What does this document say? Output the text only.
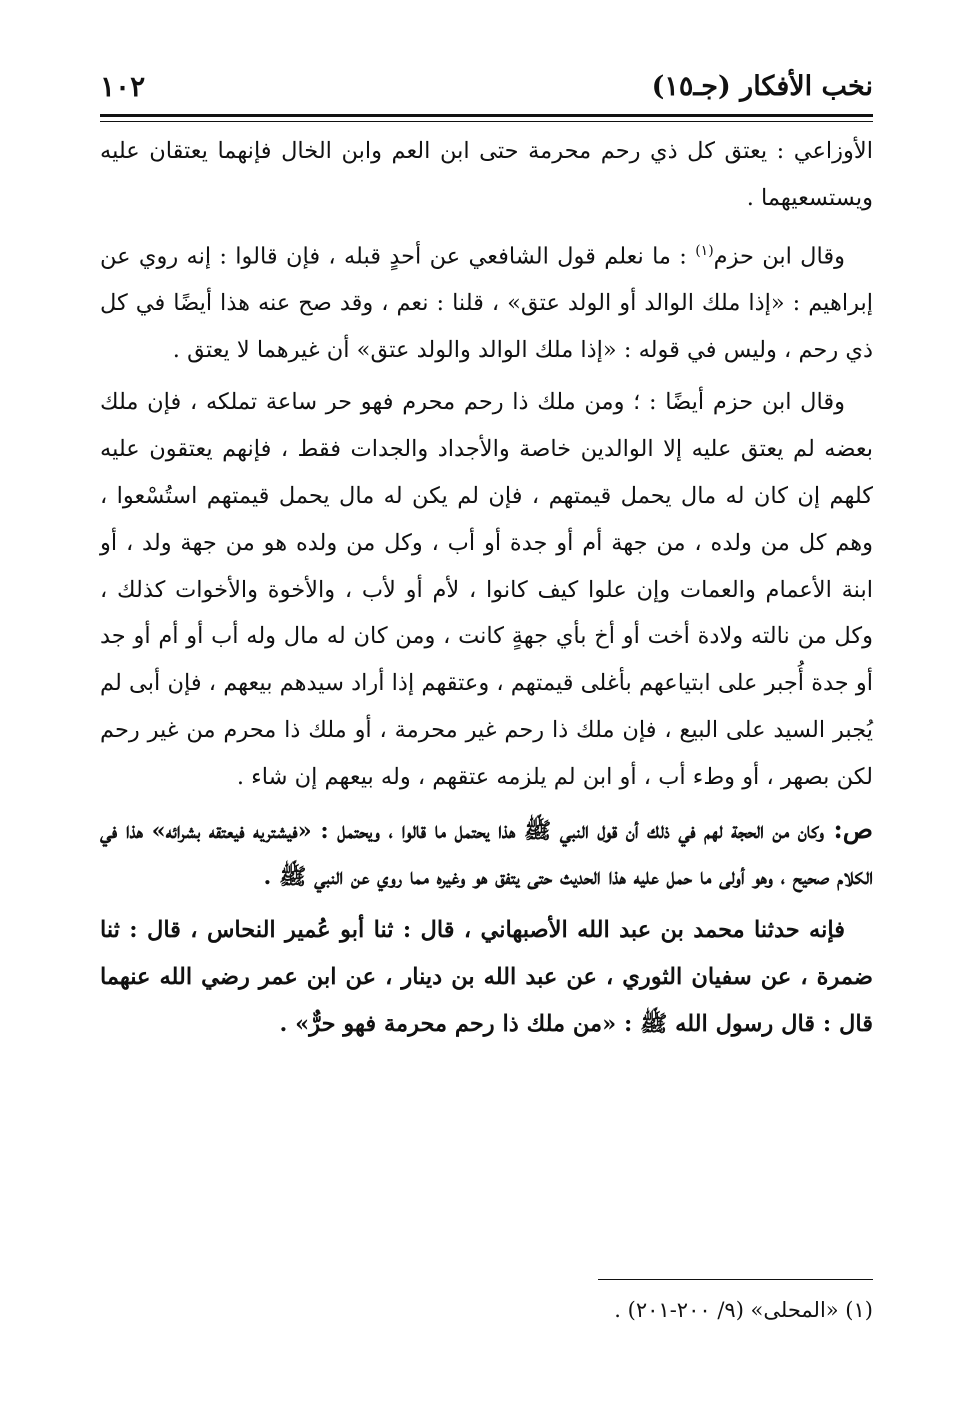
نخب الأفكار (جـ١٥)
١٠٢

الأوزاعي : يعتق كل ذي رحم محرمة حتى ابن العم وابن الخال فإنهما يعتقان عليه ويستسعيهما .

وقال ابن حزم$^{(١)}$ : ما نعلم قول الشافعي عن أحدٍ قبله ، فإن قالوا : إنه روي عن إبراهيم : «إذا ملك الوالد أو الولد عتق» ، قلنا : نعم ، وقد صح عنه هذا أيضًا في كل ذي رحم ، وليس في قوله : «إذا ملك الوالد والولد عتق» أن غيرهما لا يعتق .

وقال ابن حزم أيضًا : ؛ ومن ملك ذا رحم محرم فهو حر ساعة تملكه ، فإن ملك بعضه لم يعتق عليه إلا الوالدين خاصة والأجداد والجدات فقط ، فإنهم يعتقون عليه كلهم إن كان له مال يحمل قيمتهم ، فإن لم يكن له مال يحمل قيمتهم استُسْعوا ، وهم كل من ولده ، من جهة أم أو جدة أو أب ، وكل من ولده هو من جهة ولد ، أو ابنة الأعمام والعمات وإن علوا كيف كانوا ، لأم أو لأب ، والأخوة والأخوات كذلك ، وكل من نالته ولادة أخت أو أخ بأي جهةٍ كانت ، ومن كان له مال وله أب أو أم أو جد أو جدة أُجبر على ابتياعهم بأغلى قيمتهم ، وعتقهم إذا أراد سيدهم بيعهم ، فإن أبى لم يُجبر السيد على البيع ، فإن ملك ذا رحم غير محرمة ، أو ملك ذا محرم من غير رحم لكن بصهر ، أو وطء أب ، أو ابن لم يلزمه عتقهم ، وله بيعهم إن شاء .

ص: وكان من الحجة لهم في ذلك أن قول النبي ﷺ هذا يحتمل ما قالوا ، ويحتمل : «فيشتريه فيعتقه بشرائه» هذا في الكلام صحيح ، وهو أولى ما حمل عليه هذا الحديث حتى يتفق هو وغيره مما روي عن النبي ﷺ .

فإنه حدثنا محمد بن عبد الله الأصبهاني ، قال : ثنا أبو عُمير النحاس ، قال : ثنا ضمرة ، عن سفيان الثوري ، عن عبد الله بن دينار ، عن ابن عمر رضي الله عنهما قال : قال رسول الله ﷺ : «من ملك ذا رحم محرمة فهو حرٌّ» .

(١) «المحلى» (٩/ ٢٠٠-٢٠١) .
